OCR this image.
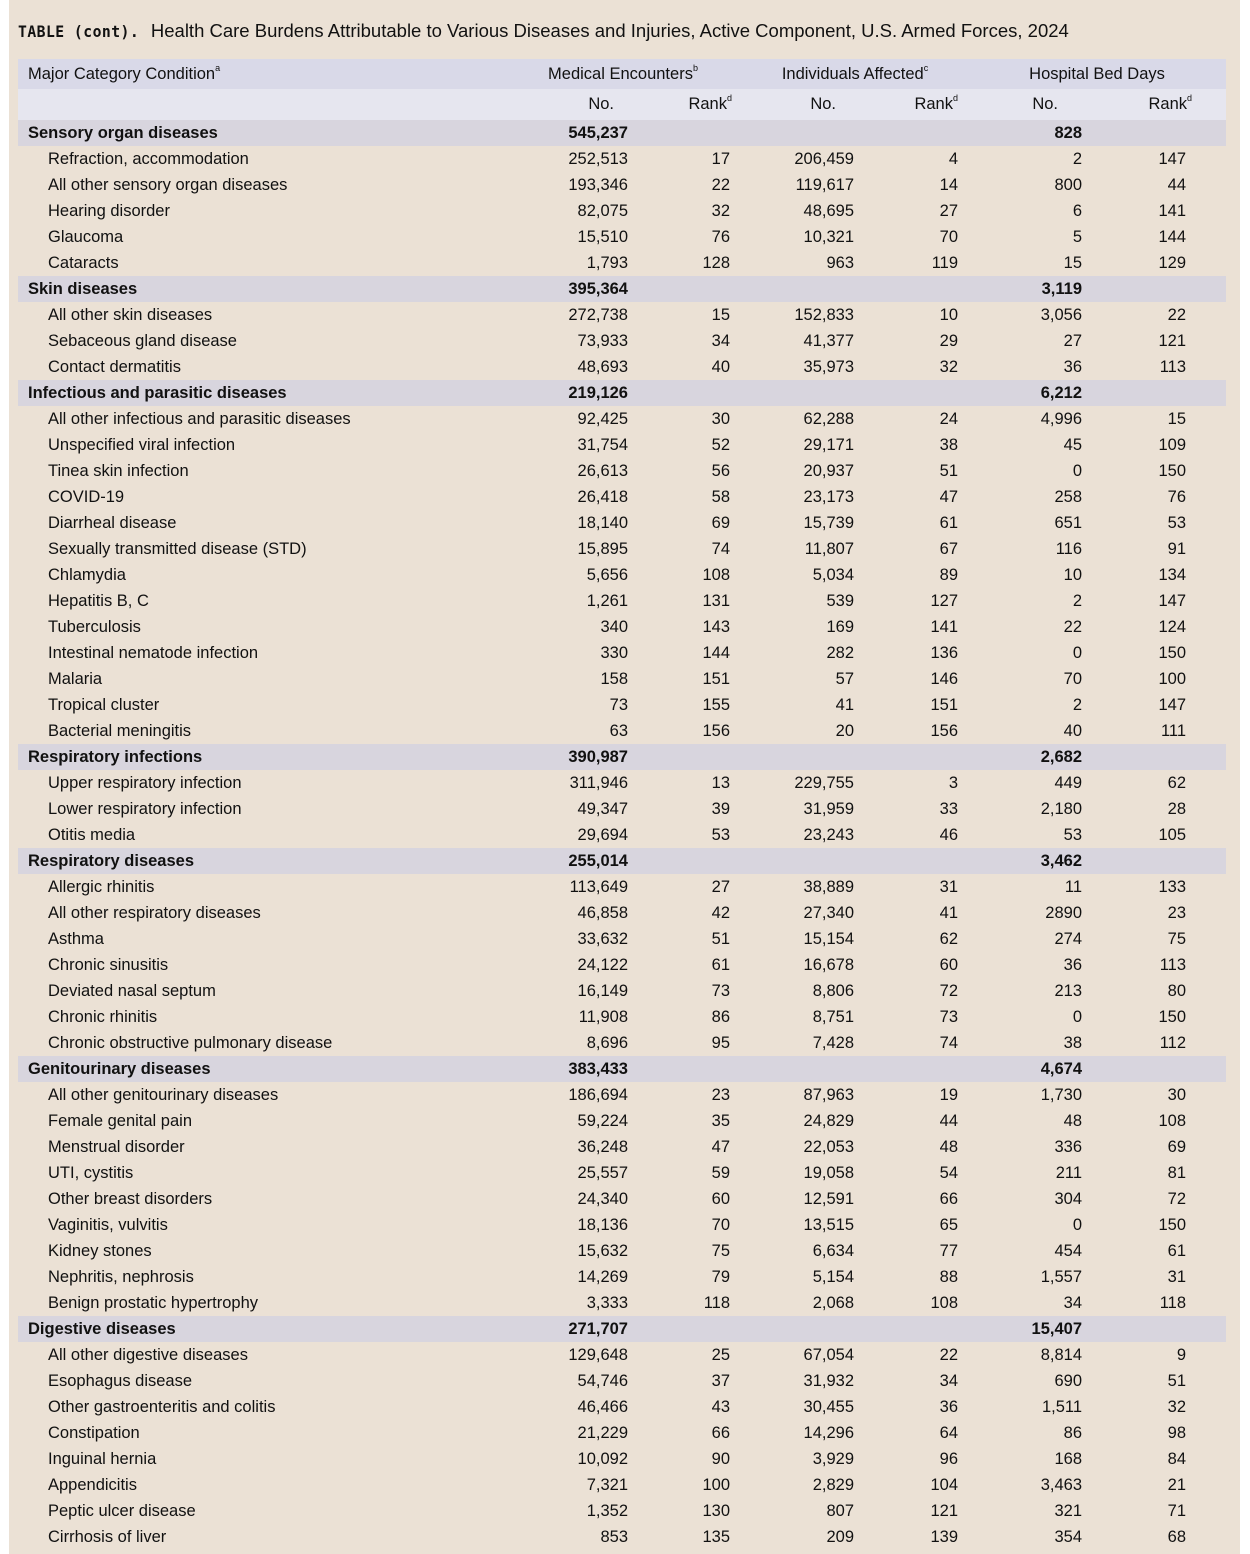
TABLE (cont). Health Care Burdens Attributable to Various Diseases and Injuries, Active Component, U.S. Armed Forces, 2024
Major Category Condition$^a$	Medical Encounters$^b$		Individuals Affected$^c$		Hospital Bed Days	
	No.	Rank$^d$	No.	Rank$^d$	No.	Rank$^d$
Sensory organ diseases	545,237				828	
Refraction, accommodation	252,513	17	206,459	4	2	147
All other sensory organ diseases	193,346	22	119,617	14	800	44
Hearing disorder	82,075	32	48,695	27	6	141
Glaucoma	15,510	76	10,321	70	5	144
Cataracts	1,793	128	963	119	15	129
Skin diseases	395,364				3,119	
All other skin diseases	272,738	15	152,833	10	3,056	22
Sebaceous gland disease	73,933	34	41,377	29	27	121
Contact dermatitis	48,693	40	35,973	32	36	113
Infectious and parasitic diseases	219,126				6,212	
All other infectious and parasitic diseases	92,425	30	62,288	24	4,996	15
Unspecified viral infection	31,754	52	29,171	38	45	109
Tinea skin infection	26,613	56	20,937	51	0	150
COVID-19	26,418	58	23,173	47	258	76
Diarrheal disease	18,140	69	15,739	61	651	53
Sexually transmitted disease (STD)	15,895	74	11,807	67	116	91
Chlamydia	5,656	108	5,034	89	10	134
Hepatitis B, C	1,261	131	539	127	2	147
Tuberculosis	340	143	169	141	22	124
Intestinal nematode infection	330	144	282	136	0	150
Malaria	158	151	57	146	70	100
Tropical cluster	73	155	41	151	2	147
Bacterial meningitis	63	156	20	156	40	111
Respiratory infections	390,987				2,682	
Upper respiratory infection	311,946	13	229,755	3	449	62
Lower respiratory infection	49,347	39	31,959	33	2,180	28
Otitis media	29,694	53	23,243	46	53	105
Respiratory diseases	255,014				3,462	
Allergic rhinitis	113,649	27	38,889	31	11	133
All other respiratory diseases	46,858	42	27,340	41	2890	23
Asthma	33,632	51	15,154	62	274	75
Chronic sinusitis	24,122	61	16,678	60	36	113
Deviated nasal septum	16,149	73	8,806	72	213	80
Chronic rhinitis	11,908	86	8,751	73	0	150
Chronic obstructive pulmonary disease	8,696	95	7,428	74	38	112
Genitourinary diseases	383,433				4,674	
All other genitourinary diseases	186,694	23	87,963	19	1,730	30
Female genital pain	59,224	35	24,829	44	48	108
Menstrual disorder	36,248	47	22,053	48	336	69
UTI, cystitis	25,557	59	19,058	54	211	81
Other breast disorders	24,340	60	12,591	66	304	72
Vaginitis, vulvitis	18,136	70	13,515	65	0	150
Kidney stones	15,632	75	6,634	77	454	61
Nephritis, nephrosis	14,269	79	5,154	88	1,557	31
Benign prostatic hypertrophy	3,333	118	2,068	108	34	118
Digestive diseases	271,707				15,407	
All other digestive diseases	129,648	25	67,054	22	8,814	9
Esophagus disease	54,746	37	31,932	34	690	51
Other gastroenteritis and colitis	46,466	43	30,455	36	1,511	32
Constipation	21,229	66	14,296	64	86	98
Inguinal hernia	10,092	90	3,929	96	168	84
Appendicitis	7,321	100	2,829	104	3,463	21
Peptic ulcer disease	1,352	130	807	121	321	71
Cirrhosis of liver	853	135	209	139	354	68
